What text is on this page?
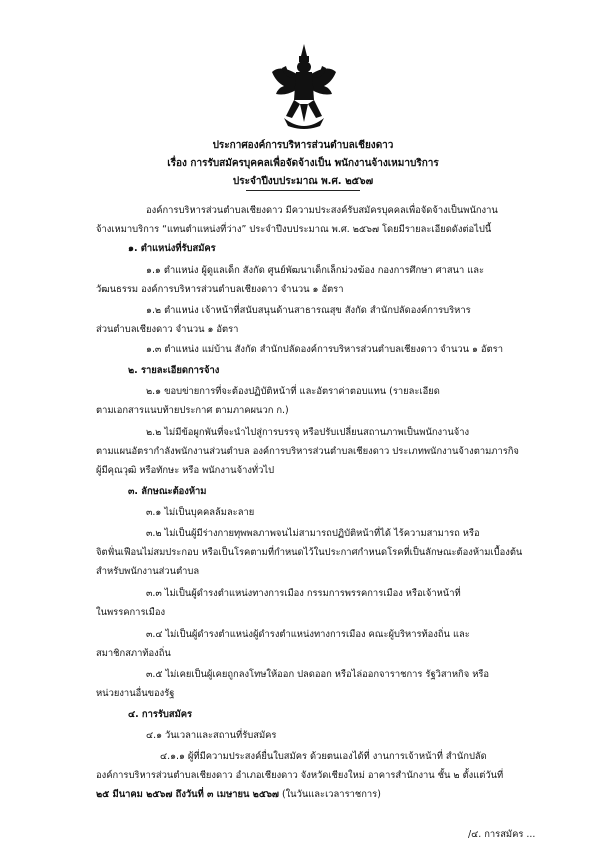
ประกาศองค์การบริหารส่วนตำบลเชียงดาว
เรื่อง การรับสมัครบุคคลเพื่อจัดจ้างเป็น พนักงานจ้างเหมาบริการ
ประจำปีงบประมาณ พ.ศ. ๒๕๖๗
องค์การบริหารส่วนตำบลเชียงดาว มีความประสงค์รับสมัครบุคคลเพื่อจัดจ้างเป็นพนักงาน
จ้างเหมาบริการ “แทนตำแหน่งที่ว่าง” ประจำปีงบประมาณ พ.ศ. ๒๕๖๗ โดยมีรายละเอียดดังต่อไปนี้
๑. ตำแหน่งที่รับสมัคร
๑.๑ ตำแหน่ง ผู้ดูแลเด็ก สังกัด ศูนย์พัฒนาเด็กเล็กม่วงฆ้อง กองการศึกษา ศาสนา และ
วัฒนธรรม องค์การบริหารส่วนตำบลเชียงดาว จำนวน ๑ อัตรา
๑.๒ ตำแหน่ง เจ้าหน้าที่สนับสนุนด้านสาธารณสุข สังกัด สำนักปลัดองค์การบริหาร
ส่วนตำบลเชียงดาว จำนวน ๑ อัตรา
๑.๓ ตำแหน่ง แม่บ้าน สังกัด สำนักปลัดองค์การบริหารส่วนตำบลเชียงดาว จำนวน ๑ อัตรา
๒. รายละเอียดการจ้าง
๒.๑ ขอบข่ายการที่จะต้องปฏิบัติหน้าที่ และอัตราค่าตอบแทน (รายละเอียด
ตามเอกสารแนบท้ายประกาศ ตามภาคผนวก ก.)
๒.๒ ไม่มีข้อผูกพันที่จะนำไปสู่การบรรจุ หรือปรับเปลี่ยนสถานภาพเป็นพนักงานจ้าง
ตามแผนอัตรากำลังพนักงานส่วนตำบล องค์การบริหารส่วนตำบลเชียงดาว ประเภทพนักงานจ้างตามภารกิจ
ผู้มีคุณวุฒิ หรือทักษะ หรือ พนักงานจ้างทั่วไป
๓. ลักษณะต้องห้าม
๓.๑ ไม่เป็นบุคคลล้มละลาย
๓.๒ ไม่เป็นผู้มีร่างกายทุพพลภาพจนไม่สามารถปฏิบัติหน้าที่ได้ ไร้ความสามารถ หรือ
จิตฟั่นเฟือนไม่สมประกอบ หรือเป็นโรคตามที่กำหนดไว้ในประกาศกำหนดโรคที่เป็นลักษณะต้องห้ามเบื้องต้น
สำหรับพนักงานส่วนตำบล
๓.๓ ไม่เป็นผู้ดำรงตำแหน่งทางการเมือง กรรมการพรรคการเมือง หรือเจ้าหน้าที่
ในพรรคการเมือง
๓.๔ ไม่เป็นผู้ดำรงตำแหน่งผู้ดำรงตำแหน่งทางการเมือง คณะผู้บริหารท้องถิ่น และ
สมาชิกสภาท้องถิ่น
๓.๕ ไม่เคยเป็นผู้เคยถูกลงโทษให้ออก ปลดออก หรือไล่ออกจาราชการ รัฐวิสาหกิจ หรือ
หน่วยงานอื่นของรัฐ
๔. การรับสมัคร
๔.๑ วันเวลาและสถานที่รับสมัคร
๔.๑.๑ ผู้ที่มีความประสงค์ยื่นใบสมัคร ด้วยตนเองได้ที่ งานการเจ้าหน้าที่ สำนักปลัด
องค์การบริหารส่วนตำบลเชียงดาว อำเภอเชียงดาว จังหวัดเชียงใหม่ อาคารสำนักงาน ชั้น ๒ ตั้งแต่วันที่
๒๕ มีนาคม ๒๕๖๗ ถึงวันที่ ๓ เมษายน ๒๕๖๗ (ในวันและเวลาราชการ)
/๔. การสมัคร ...
